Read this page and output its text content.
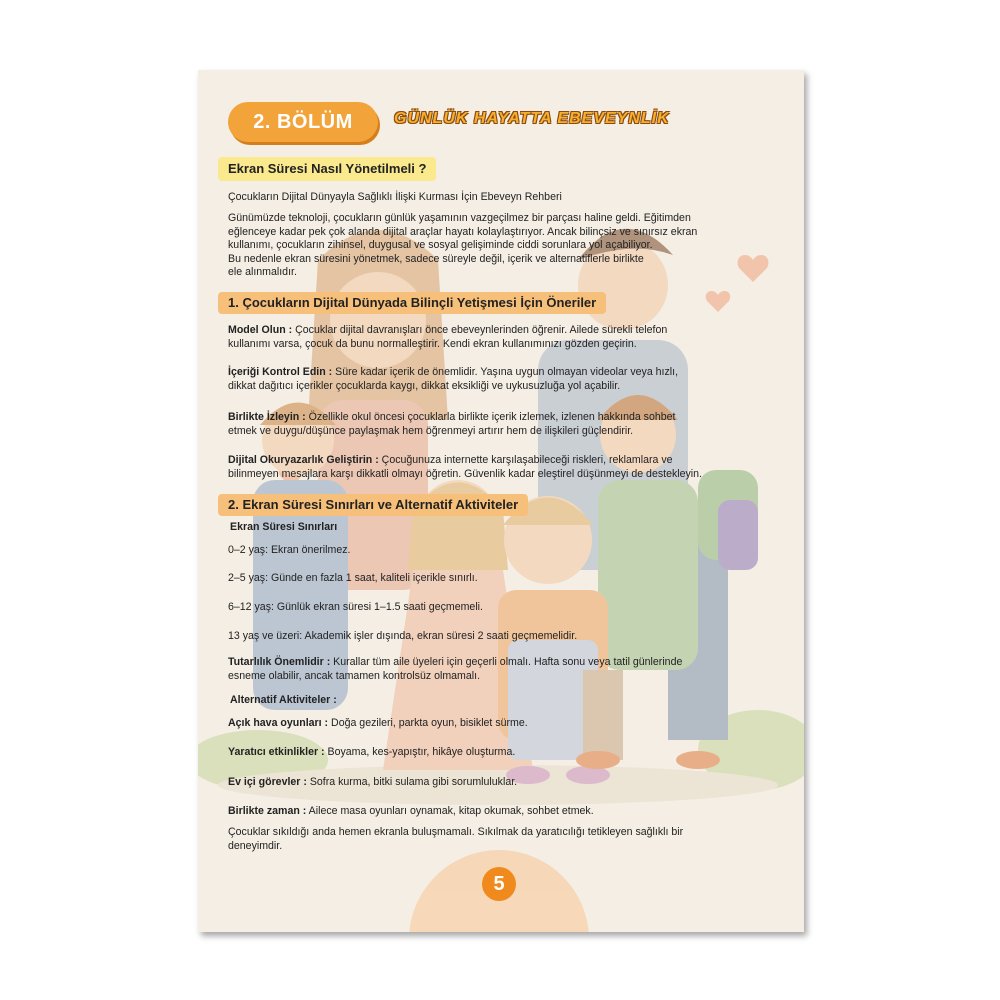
2. BÖLÜM	GÜNLÜK HAYATTA EBEVEYNLİK
Ekran Süresi Nasıl Yönetilmeli ?
Çocukların Dijital Dünyayla Sağlıklı İlişki Kurması İçin Ebeveyn Rehberi
Günümüzde teknoloji, çocukların günlük yaşamının vazgeçilmez bir parçası haline geldi. Eğitimden
eğlenceye kadar pek çok alanda dijital araçlar hayatı kolaylaştırıyor. Ancak bilinçsiz ve sınırsız ekran
kullanımı, çocukların zihinsel, duygusal ve sosyal gelişiminde ciddi sorunlara yol açabiliyor.
Bu nedenle ekran süresini yönetmek, sadece süreyle değil, içerik ve alternatiflerle birlikte
ele alınmalıdır.
1. Çocukların Dijital Dünyada Bilinçli Yetişmesi İçin Öneriler
Model Olun : Çocuklar dijital davranışları önce ebeveynlerinden öğrenir. Ailede sürekli telefon
kullanımı varsa, çocuk da bunu normalleştirir. Kendi ekran kullanımınızı gözden geçirin.
İçeriği Kontrol Edin : Süre kadar içerik de önemlidir. Yaşına uygun olmayan videolar veya hızlı,
dikkat dağıtıcı içerikler çocuklarda kaygı, dikkat eksikliği ve uykusuzluğa yol açabilir.
Birlikte İzleyin : Özellikle okul öncesi çocuklarla birlikte içerik izlemek, izlenen hakkında sohbet
etmek ve duygu/düşünce paylaşmak hem öğrenmeyi artırır hem de ilişkileri güçlendirir.
Dijital Okuryazarlık Geliştirin : Çocuğunuza internette karşılaşabileceği riskleri, reklamlara ve
bilinmeyen mesajlara karşı dikkatli olmayı öğretin. Güvenlik kadar eleştirel düşünmeyi de destekleyin.
2. Ekran Süresi Sınırları ve Alternatif Aktiviteler
Ekran Süresi Sınırları
0–2 yaş: Ekran önerilmez.
2–5 yaş: Günde en fazla 1 saat, kaliteli içerikle sınırlı.
6–12 yaş: Günlük ekran süresi 1–1.5 saati geçmemeli.
13 yaş ve üzeri: Akademik işler dışında, ekran süresi 2 saati geçmemelidir.
Tutarlılık Önemlidir : Kurallar tüm aile üyeleri için geçerli olmalı. Hafta sonu veya tatil günlerinde
esneme olabilir, ancak tamamen kontrolsüz olmamalı.
Alternatif Aktiviteler :
Açık hava oyunları : Doğa gezileri, parkta oyun, bisiklet sürme.
Yaratıcı etkinlikler : Boyama, kes-yapıştır, hikâye oluşturma.
Ev içi görevler : Sofra kurma, bitki sulama gibi sorumluluklar.
Birlikte zaman : Ailece masa oyunları oynamak, kitap okumak, sohbet etmek.
Çocuklar sıkıldığı anda hemen ekranla buluşmamalı. Sıkılmak da yaratıcılığı tetikleyen sağlıklı bir
deneyimdir.
5
